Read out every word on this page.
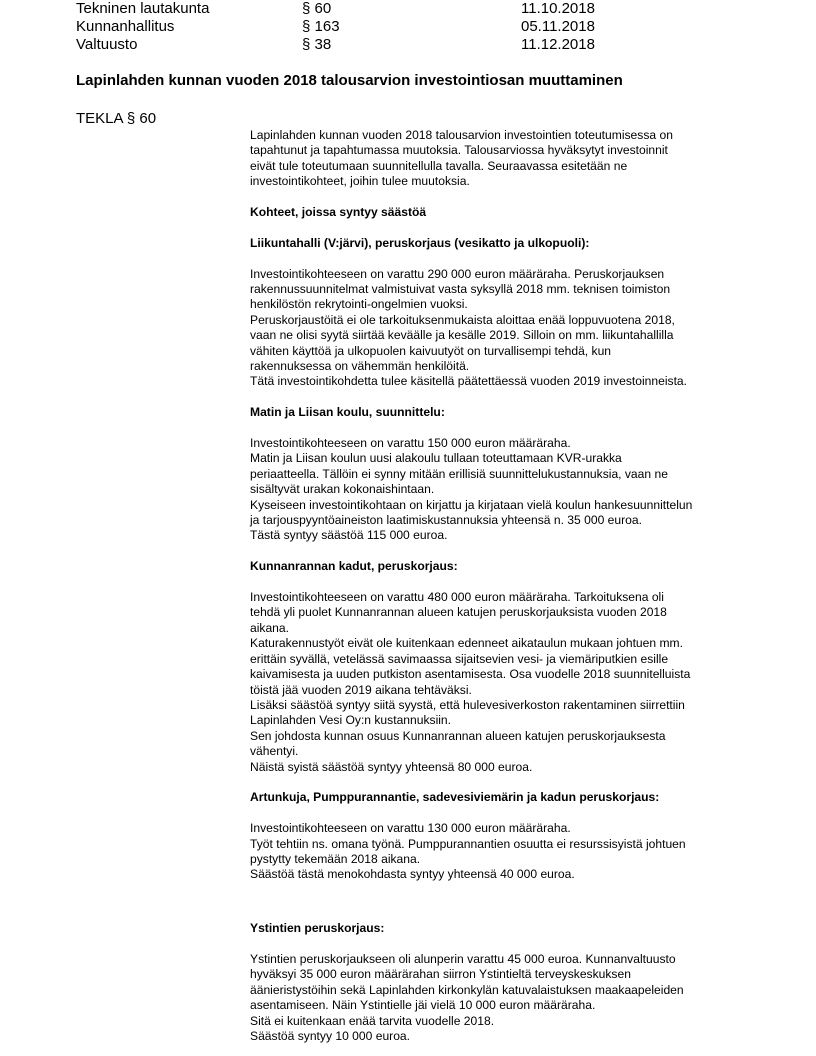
Tekninen lautakunta	§ 60	11.10.2018
Kunnanhallitus	§ 163	05.11.2018
Valtuusto	§ 38	11.12.2018
Lapinlahden kunnan vuoden 2018 talousarvion investointiosan muuttaminen
TEKLA § 60

Lapinlahden kunnan vuoden 2018 talousarvion investointien toteutumisessa on

tapahtunut ja tapahtumassa muutoksia. Talousarviossa hyväksytyt investoinnit

eivät tule toteutumaan suunnitellulla tavalla. Seuraavassa esitetään ne

investointikohteet, joihin tulee muutoksia.

Kohteet, joissa syntyy säästöä

Liikuntahalli (V:järvi), peruskorjaus (vesikatto ja ulkopuoli):

Investointikohteeseen on varattu 290 000 euron määräraha. Peruskorjauksen

rakennussuunnitelmat valmistuivat vasta syksyllä 2018 mm. teknisen toimiston

henkilöstön rekrytointi-ongelmien vuoksi.

Peruskorjaustöitä ei ole tarkoituksenmukaista aloittaa enää loppuvuotena 2018,

vaan ne olisi syytä siirtää keväälle ja kesälle 2019. Silloin on mm. liikuntahallilla

vähiten käyttöä ja ulkopuolen kaivuutyöt on turvallisempi tehdä, kun

rakennuksessa on vähemmän henkilöitä.

Tätä investointikohdetta tulee käsitellä päätettäessä vuoden 2019 investoinneista.

Matin ja Liisan koulu, suunnittelu:

Investointikohteeseen on varattu 150 000 euron määräraha.

Matin ja Liisan koulun uusi alakoulu tullaan toteuttamaan KVR-urakka

periaatteella. Tällöin ei synny mitään erillisiä suunnittelukustannuksia, vaan ne

sisältyvät urakan kokonaishintaan.

Kyseiseen investointikohtaan on kirjattu ja kirjataan vielä koulun hankesuunnittelun

ja tarjouspyyntöaineiston laatimiskustannuksia yhteensä n. 35 000 euroa.

Tästä syntyy säästöä 115 000 euroa.

Kunnanrannan kadut, peruskorjaus:

Investointikohteeseen on varattu 480 000 euron määräraha. Tarkoituksena oli

tehdä yli puolet Kunnanrannan alueen katujen peruskorjauksista vuoden 2018

aikana.

Katurakennustyöt eivät ole kuitenkaan edenneet aikataulun mukaan johtuen mm.

erittäin syvällä, vetelässä savimaassa sijaitsevien vesi- ja viemäriputkien esille

kaivamisesta ja uuden putkiston asentamisesta. Osa vuodelle 2018 suunnitelluista

töistä jää vuoden 2019 aikana tehtäväksi.

Lisäksi säästöä syntyy siitä syystä, että hulevesiverkoston rakentaminen siirrettiin

Lapinlahden Vesi Oy:n kustannuksiin.

Sen johdosta kunnan osuus Kunnanrannan alueen katujen peruskorjauksesta

vähentyi.

Näistä syistä säästöä syntyy yhteensä 80 000 euroa.

Artunkuja, Pumppurannantie, sadevesiviemärin ja kadun peruskorjaus:

Investointikohteeseen on varattu 130 000 euron määräraha.

Työt tehtiin ns. omana työnä. Pumppurannantien osuutta ei resurssisyistä johtuen

pystytty tekemään 2018 aikana.

Säästöä tästä menokohdasta syntyy yhteensä 40 000 euroa.

Ystintien peruskorjaus:

Ystintien peruskorjaukseen oli alunperin varattu 45 000 euroa. Kunnanvaltuusto

hyväksyi 35 000 euron määrärahan siirron Ystintieltä terveyskeskuksen

äänieristystöihin sekä Lapinlahden kirkonkylän katuvalaistuksen maakaapeleiden

asentamiseen. Näin Ystintielle jäi vielä 10 000 euron määräraha.

Sitä ei kuitenkaan enää tarvita vuodelle 2018.

Säästöä syntyy 10 000 euroa.
